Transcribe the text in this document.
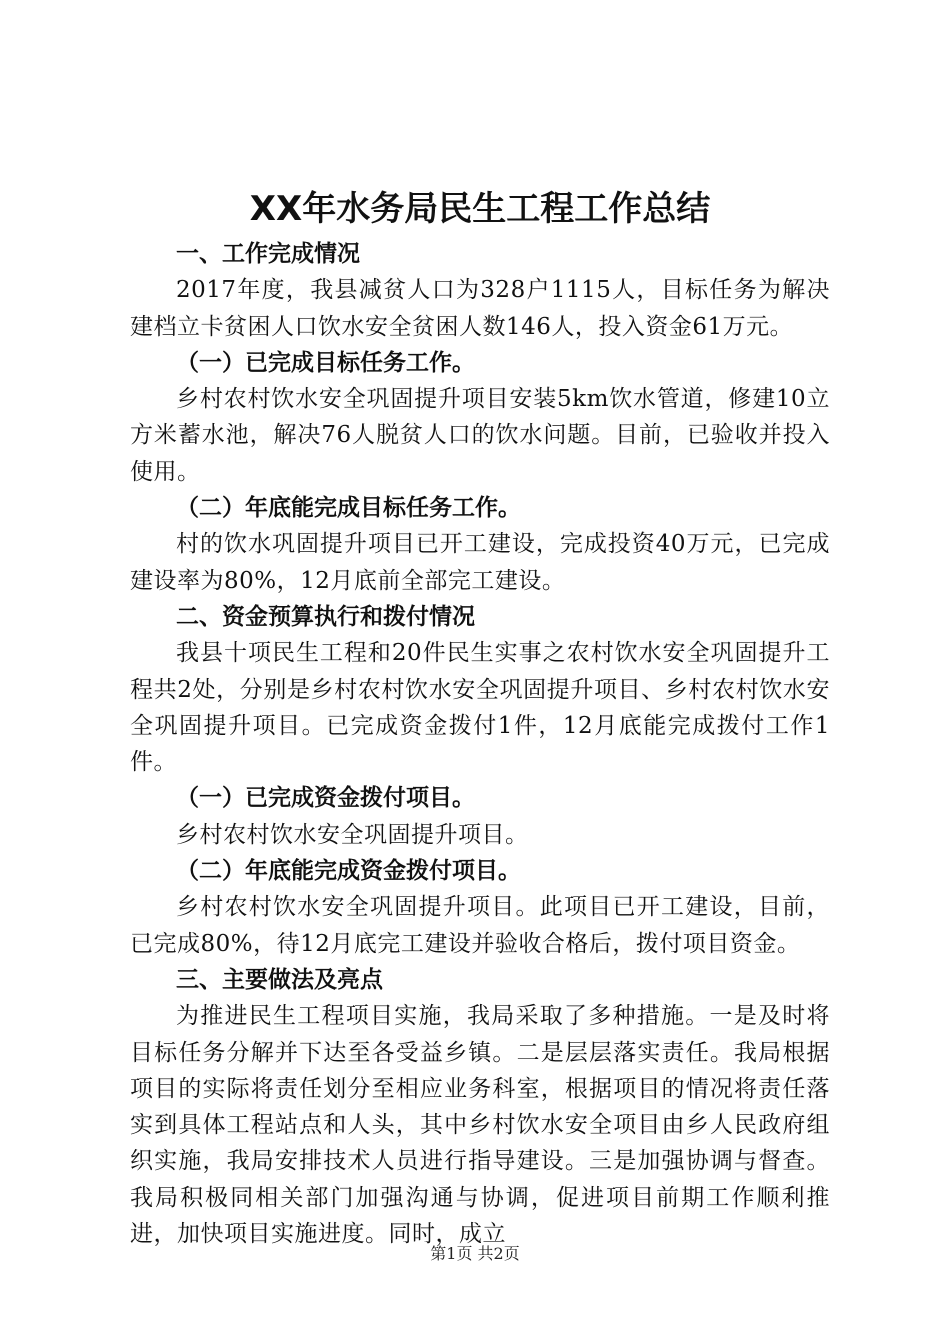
XX年水务局民生工程工作总结

一、工作完成情况

2017年度，我县减贫人口为328户1115人，目标任务为解决建档立卡贫困人口饮水安全贫困人数146人，投入资金61万元。

（一）已完成目标任务工作。

乡村农村饮水安全巩固提升项目安装5km饮水管道，修建10立方米蓄水池，解决76人脱贫人口的饮水问题。目前，已验收并投入使用。

（二）年底能完成目标任务工作。

村的饮水巩固提升项目已开工建设，完成投资40万元，已完成建设率为80%，12月底前全部完工建设。

二、资金预算执行和拨付情况

我县十项民生工程和20件民生实事之农村饮水安全巩固提升工程共2处，分别是乡村农村饮水安全巩固提升项目、乡村农村饮水安全巩固提升项目。已完成资金拨付1件，12月底能完成拨付工作1件。

（一）已完成资金拨付项目。

乡村农村饮水安全巩固提升项目。

（二）年底能完成资金拨付项目。

乡村农村饮水安全巩固提升项目。此项目已开工建设，目前，已完成80%，待12月底完工建设并验收合格后，拨付项目资金。

三、主要做法及亮点

为推进民生工程项目实施，我局采取了多种措施。一是及时将目标任务分解并下达至各受益乡镇。二是层层落实责任。我局根据项目的实际将责任划分至相应业务科室，根据项目的情况将责任落实到具体工程站点和人头，其中乡村饮水安全项目由乡人民政府组织实施，我局安排技术人员进行指导建设。三是加强协调与督查。我局积极同相关部门加强沟通与协调，促进项目前期工作顺利推进，加快项目实施进度。同时，成立

第1页 共2页
